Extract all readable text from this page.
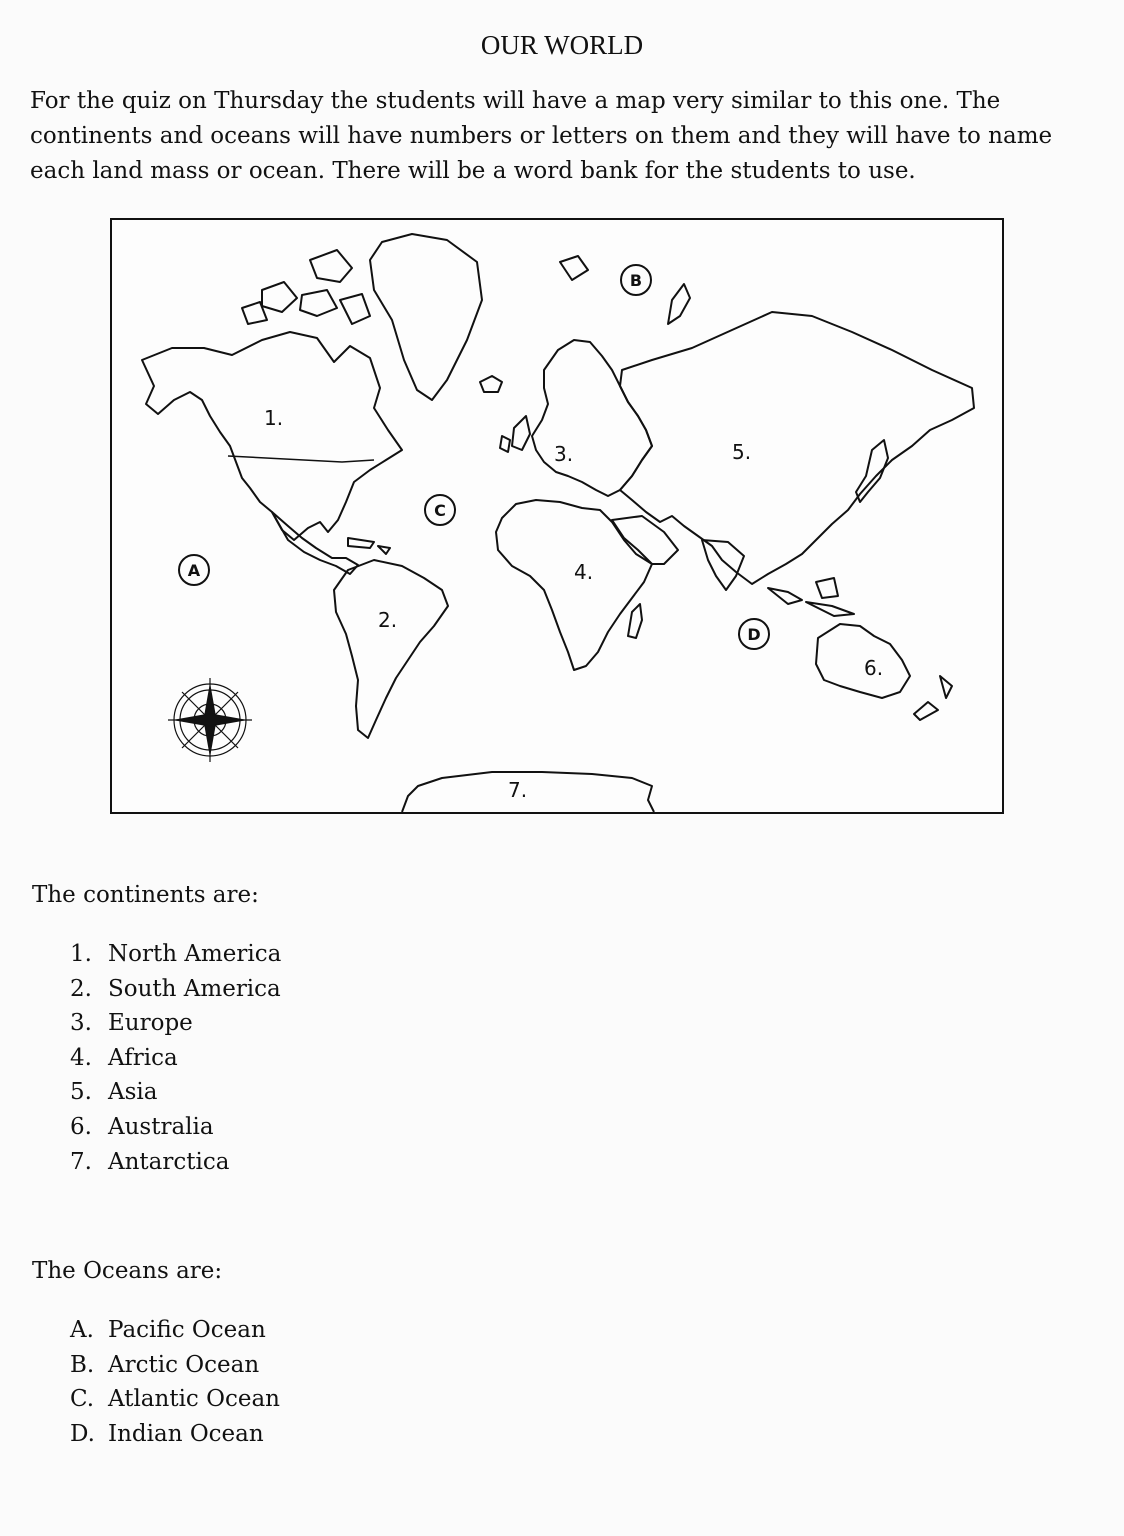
OUR WORLD

For the quiz on Thursday the students will have a map very similar to this one. The continents and oceans will have numbers or letters on them and they will have to name each land mass or ocean. There will be a word bank for the students to use.

1.
2.
3.
4.
5.
6.
7.
A
B
C
D
The continents are:
1. North America
2. South America
3. Europe
4. Africa
5. Asia
6. Australia
7. Antarctica
The Oceans are:
A. Pacific Ocean
B. Arctic Ocean
C. Atlantic Ocean
D. Indian Ocean
